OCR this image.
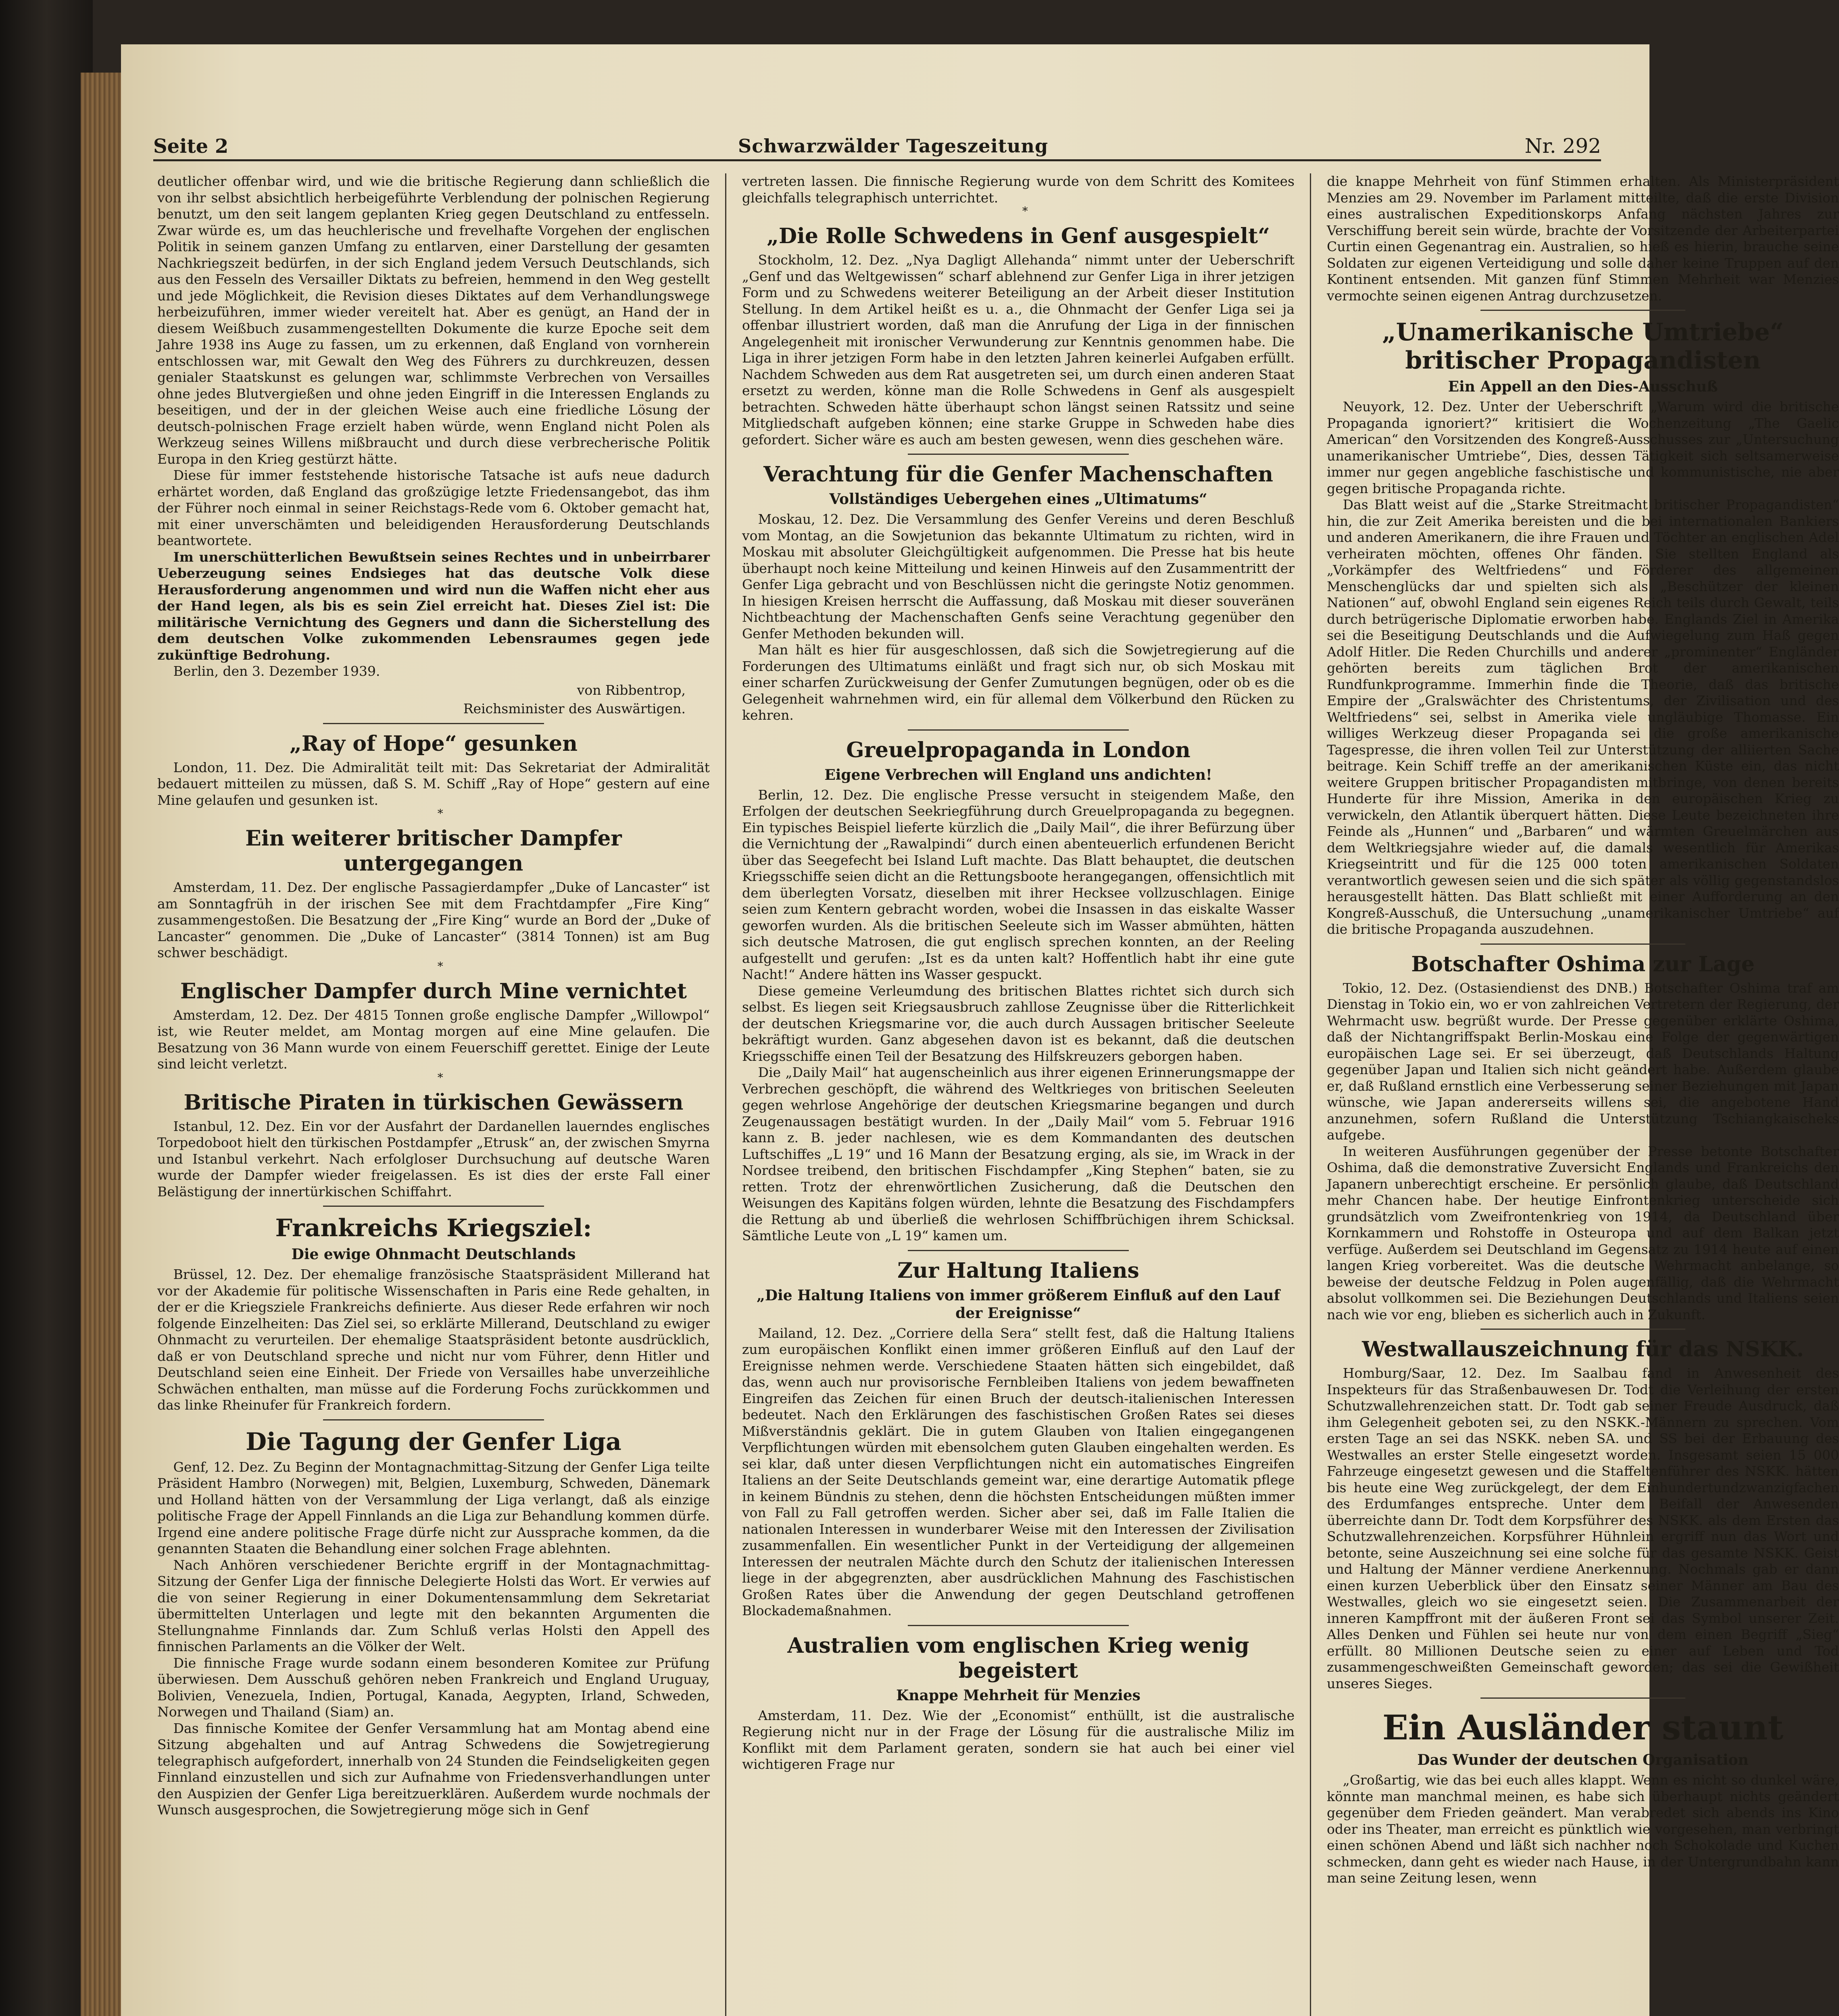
Seite 2	Schwarzwälder Tageszeitung	Nr. 292

deutlicher offenbar wird, und wie die britische Regierung dann schließlich die von ihr selbst absichtlich herbeigeführte Verblendung der polnischen Regierung benutzt, um den seit langem geplanten Krieg gegen Deutschland zu entfesseln. Zwar würde es, um das heuchlerische und frevelhafte Vorgehen der englischen Politik in seinem ganzen Umfang zu entlarven, einer Darstellung der gesamten Nachkriegszeit bedürfen, in der sich England jedem Versuch Deutschlands, sich aus den Fesseln des Versailler Diktats zu befreien, hemmend in den Weg gestellt und jede Möglichkeit, die Revision dieses Diktates auf dem Verhandlungswege herbeizuführen, immer wieder vereitelt hat. Aber es genügt, an Hand der in diesem Weißbuch zusammengestellten Dokumente die kurze Epoche seit dem Jahre 1938 ins Auge zu fassen, um zu erkennen, daß England von vornherein entschlossen war, mit Gewalt den Weg des Führers zu durchkreuzen, dessen genialer Staatskunst es gelungen war, schlimmste Verbrechen von Versailles ohne jedes Blutvergießen und ohne jeden Eingriff in die Interessen Englands zu beseitigen, und der in der gleichen Weise auch eine friedliche Lösung der deutsch-polnischen Frage erzielt haben würde, wenn England nicht Polen als Werkzeug seines Willens mißbraucht und durch diese verbrecherische Politik Europa in den Krieg gestürzt hätte.

Diese für immer feststehende historische Tatsache ist aufs neue dadurch erhärtet worden, daß England das großzügige letzte Friedensangebot, das ihm der Führer noch einmal in seiner Reichstags-Rede vom 6. Oktober gemacht hat, mit einer unverschämten und beleidigenden Herausforderung Deutschlands beantwortete.

Im unerschütterlichen Bewußtsein seines Rechtes und in unbeirrbarer Ueberzeugung seines Endsieges hat das deutsche Volk diese Herausforderung angenommen und wird nun die Waffen nicht eher aus der Hand legen, als bis es sein Ziel erreicht hat. Dieses Ziel ist: Die militärische Vernichtung des Gegners und dann die Sicherstellung des dem deutschen Volke zukommenden Lebensraumes gegen jede zukünftige Bedrohung.

Berlin, den 3. Dezember 1939.

von Ribbentrop,
Reichsminister des Auswärtigen.
„Ray of Hope“ gesunken

London, 11. Dez. Die Admiralität teilt mit: Das Sekretariat der Admiralität bedauert mitteilen zu müssen, daß S. M. Schiff „Ray of Hope“ gestern auf eine Mine gelaufen und gesunken ist.

*

Ein weiterer britischer Dampfer untergegangen

Amsterdam, 11. Dez. Der englische Passagierdampfer „Duke of Lancaster“ ist am Sonntagfrüh in der irischen See mit dem Frachtdampfer „Fire King“ zusammengestoßen. Die Besatzung der „Fire King“ wurde an Bord der „Duke of Lancaster“ genommen. Die „Duke of Lancaster“ (3814 Tonnen) ist am Bug schwer beschädigt.

*

Englischer Dampfer durch Mine vernichtet

Amsterdam, 12. Dez. Der 4815 Tonnen große englische Dampfer „Willowpol“ ist, wie Reuter meldet, am Montag morgen auf eine Mine gelaufen. Die Besatzung von 36 Mann wurde von einem Feuerschiff gerettet. Einige der Leute sind leicht verletzt.

*

Britische Piraten in türkischen Gewässern

Istanbul, 12. Dez. Ein vor der Ausfahrt der Dardanellen lauerndes englisches Torpedoboot hielt den türkischen Postdampfer „Etrusk“ an, der zwischen Smyrna und Istanbul verkehrt. Nach erfolgloser Durchsuchung auf deutsche Waren wurde der Dampfer wieder freigelassen. Es ist dies der erste Fall einer Belästigung der innertürkischen Schiffahrt.

Frankreichs Kriegsziel:
Die ewige Ohnmacht Deutschlands

Brüssel, 12. Dez. Der ehemalige französische Staatspräsident Millerand hat vor der Akademie für politische Wissenschaften in Paris eine Rede gehalten, in der er die Kriegsziele Frankreichs definierte. Aus dieser Rede erfahren wir noch folgende Einzelheiten: Das Ziel sei, so erklärte Millerand, Deutschland zu ewiger Ohnmacht zu verurteilen. Der ehemalige Staatspräsident betonte ausdrücklich, daß er von Deutschland spreche und nicht nur vom Führer, denn Hitler und Deutschland seien eine Einheit. Der Friede von Versailles habe unverzeihliche Schwächen enthalten, man müsse auf die Forderung Fochs zurückkommen und das linke Rheinufer für Frankreich fordern.

Die Tagung der Genfer Liga

Genf, 12. Dez. Zu Beginn der Montagnachmittag-Sitzung der Genfer Liga teilte Präsident Hambro (Norwegen) mit, Belgien, Luxemburg, Schweden, Dänemark und Holland hätten von der Versammlung der Liga verlangt, daß als einzige politische Frage der Appell Finnlands an die Liga zur Behandlung kommen dürfe. Irgend eine andere politische Frage dürfe nicht zur Aussprache kommen, da die genannten Staaten die Behandlung einer solchen Frage ablehnten.

Nach Anhören verschiedener Berichte ergriff in der Montagnachmittag-Sitzung der Genfer Liga der finnische Delegierte Holsti das Wort. Er verwies auf die von seiner Regierung in einer Dokumentensammlung dem Sekretariat übermittelten Unterlagen und legte mit den bekannten Argumenten die Stellungnahme Finnlands dar. Zum Schluß verlas Holsti den Appell des finnischen Parlaments an die Völker der Welt.

Die finnische Frage wurde sodann einem besonderen Komitee zur Prüfung überwiesen. Dem Ausschuß gehören neben Frankreich und England Uruguay, Bolivien, Venezuela, Indien, Portugal, Kanada, Aegypten, Irland, Schweden, Norwegen und Thailand (Siam) an.

Das finnische Komitee der Genfer Versammlung hat am Montag abend eine Sitzung abgehalten und auf Antrag Schwedens die Sowjetregierung telegraphisch aufgefordert, innerhalb von 24 Stunden die Feindseligkeiten gegen Finnland einzustellen und sich zur Aufnahme von Friedensverhandlungen unter den Auspizien der Genfer Liga bereitzuerklären. Außerdem wurde nochmals der Wunsch ausgesprochen, die Sowjetregierung möge sich in Genf

vertreten lassen. Die finnische Regierung wurde von dem Schritt des Komitees gleichfalls telegraphisch unterrichtet.

*

„Die Rolle Schwedens in Genf ausgespielt“

Stockholm, 12. Dez. „Nya Dagligt Allehanda“ nimmt unter der Ueberschrift „Genf und das Weltgewissen“ scharf ablehnend zur Genfer Liga in ihrer jetzigen Form und zu Schwedens weiterer Beteiligung an der Arbeit dieser Institution Stellung. In dem Artikel heißt es u. a., die Ohnmacht der Genfer Liga sei ja offenbar illustriert worden, daß man die Anrufung der Liga in der finnischen Angelegenheit mit ironischer Verwunderung zur Kenntnis genommen habe. Die Liga in ihrer jetzigen Form habe in den letzten Jahren keinerlei Aufgaben erfüllt. Nachdem Schweden aus dem Rat ausgetreten sei, um durch einen anderen Staat ersetzt zu werden, könne man die Rolle Schwedens in Genf als ausgespielt betrachten. Schweden hätte überhaupt schon längst seinen Ratssitz und seine Mitgliedschaft aufgeben können; eine starke Gruppe in Schweden habe dies gefordert. Sicher wäre es auch am besten gewesen, wenn dies geschehen wäre.

Verachtung für die Genfer Machenschaften
Vollständiges Uebergehen eines „Ultimatums“

Moskau, 12. Dez. Die Versammlung des Genfer Vereins und deren Beschluß vom Montag, an die Sowjetunion das bekannte Ultimatum zu richten, wird in Moskau mit absoluter Gleichgültigkeit aufgenommen. Die Presse hat bis heute überhaupt noch keine Mitteilung und keinen Hinweis auf den Zusammentritt der Genfer Liga gebracht und von Beschlüssen nicht die geringste Notiz genommen. In hiesigen Kreisen herrscht die Auffassung, daß Moskau mit dieser souveränen Nichtbeachtung der Machenschaften Genfs seine Verachtung gegenüber den Genfer Methoden bekunden will.

Man hält es hier für ausgeschlossen, daß sich die Sowjetregierung auf die Forderungen des Ultimatums einläßt und fragt sich nur, ob sich Moskau mit einer scharfen Zurückweisung der Genfer Zumutungen begnügen, oder ob es die Gelegenheit wahrnehmen wird, ein für allemal dem Völkerbund den Rücken zu kehren.

Greuelpropaganda in London
Eigene Verbrechen will England uns andichten!

Berlin, 12. Dez. Die englische Presse versucht in steigendem Maße, den Erfolgen der deutschen Seekriegführung durch Greuelpropaganda zu begegnen. Ein typisches Beispiel lieferte kürzlich die „Daily Mail“, die ihrer Befürzung über die Vernichtung der „Rawalpindi“ durch einen abenteuerlich erfundenen Bericht über das Seegefecht bei Island Luft machte. Das Blatt behauptet, die deutschen Kriegsschiffe seien dicht an die Rettungsboote herangegangen, offensichtlich mit dem überlegten Vorsatz, dieselben mit ihrer Hecksee vollzuschlagen. Einige seien zum Kentern gebracht worden, wobei die Insassen in das eiskalte Wasser geworfen wurden. Als die britischen Seeleute sich im Wasser abmühten, hätten sich deutsche Matrosen, die gut englisch sprechen konnten, an der Reeling aufgestellt und gerufen: „Ist es da unten kalt? Hoffentlich habt ihr eine gute Nacht!“ Andere hätten ins Wasser gespuckt.

Diese gemeine Verleumdung des britischen Blattes richtet sich durch sich selbst. Es liegen seit Kriegsausbruch zahllose Zeugnisse über die Ritterlichkeit der deutschen Kriegsmarine vor, die auch durch Aussagen britischer Seeleute bekräftigt wurden. Ganz abgesehen davon ist es bekannt, daß die deutschen Kriegsschiffe einen Teil der Besatzung des Hilfskreuzers geborgen haben.

Die „Daily Mail“ hat augenscheinlich aus ihrer eigenen Erinnerungsmappe der Verbrechen geschöpft, die während des Weltkrieges von britischen Seeleuten gegen wehrlose Angehörige der deutschen Kriegsmarine begangen und durch Zeugenaussagen bestätigt wurden. In der „Daily Mail“ vom 5. Februar 1916 kann z. B. jeder nachlesen, wie es dem Kommandanten des deutschen Luftschiffes „L 19“ und 16 Mann der Besatzung erging, als sie, im Wrack in der Nordsee treibend, den britischen Fischdampfer „King Stephen“ baten, sie zu retten. Trotz der ehrenwörtlichen Zusicherung, daß die Deutschen den Weisungen des Kapitäns folgen würden, lehnte die Besatzung des Fischdampfers die Rettung ab und überließ die wehrlosen Schiffbrüchigen ihrem Schicksal. Sämtliche Leute von „L 19“ kamen um.

Zur Haltung Italiens
„Die Haltung Italiens von immer größerem Einfluß auf den Lauf der Ereignisse“

Mailand, 12. Dez. „Corriere della Sera“ stellt fest, daß die Haltung Italiens zum europäischen Konflikt einen immer größeren Einfluß auf den Lauf der Ereignisse nehmen werde. Verschiedene Staaten hätten sich eingebildet, daß das, wenn auch nur provisorische Fernbleiben Italiens von jedem bewaffneten Eingreifen das Zeichen für einen Bruch der deutsch-italienischen Interessen bedeutet. Nach den Erklärungen des faschistischen Großen Rates sei dieses Mißverständnis geklärt. Die in gutem Glauben von Italien eingegangenen Verpflichtungen würden mit ebensolchem guten Glauben eingehalten werden. Es sei klar, daß unter diesen Verpflichtungen nicht ein automatisches Eingreifen Italiens an der Seite Deutschlands gemeint war, eine derartige Automatik pflege in keinem Bündnis zu stehen, denn die höchsten Entscheidungen müßten immer von Fall zu Fall getroffen werden. Sicher aber sei, daß im Falle Italien die nationalen Interessen in wunderbarer Weise mit den Interessen der Zivilisation zusammenfallen. Ein wesentlicher Punkt in der Verteidigung der allgemeinen Interessen der neutralen Mächte durch den Schutz der italienischen Interessen liege in der abgegrenzten, aber ausdrücklichen Mahnung des Faschistischen Großen Rates über die Anwendung der gegen Deutschland getroffenen Blockademaßnahmen.

Australien vom englischen Krieg wenig begeistert
Knappe Mehrheit für Menzies

Amsterdam, 11. Dez. Wie der „Economist“ enthüllt, ist die australische Regierung nicht nur in der Frage der Lösung für die australische Miliz im Konflikt mit dem Parlament geraten, sondern sie hat auch bei einer viel wichtigeren Frage nur

die knappe Mehrheit von fünf Stimmen erhalten. Als Ministerpräsident Menzies am 29. November im Parlament mitteilte, daß die erste Division eines australischen Expeditionskorps Anfang nächsten Jahres zur Verschiffung bereit sein würde, brachte der Vorsitzende der Arbeiterpartei Curtin einen Gegenantrag ein. Australien, so hieß es hierin, brauche seine Soldaten zur eigenen Verteidigung und solle daher keine Truppen auf den Kontinent entsenden. Mit ganzen fünf Stimmen Mehrheit war Menzies vermochte seinen eigenen Antrag durchzusetzen.

„Unamerikanische Umtriebe“ britischer Propagandisten
Ein Appell an den Dies-Ausschuß

Neuyork, 12. Dez. Unter der Ueberschrift „Warum wird die britische Propaganda ignoriert?“ kritisiert die Wochenzeitung „The Gaelic American“ den Vorsitzenden des Kongreß-Ausschusses zur „Untersuchung unamerikanischer Umtriebe“, Dies, dessen Tätigkeit sich seltsamerweise immer nur gegen angebliche faschistische und kommunistische, nie aber gegen britische Propaganda richte.

Das Blatt weist auf die „Starke Streitmacht britischer Propagandisten“ hin, die zur Zeit Amerika bereisten und die bei internationalen Bankiers und anderen Amerikanern, die ihre Frauen und Töchter an englischen Adel verheiraten möchten, offenes Ohr fänden. Sie stellten England als „Vorkämpfer des Weltfriedens“ und Förderer des allgemeinen Menschenglücks dar und spielten sich als „Beschützer der kleinen Nationen“ auf, obwohl England sein eigenes Reich teils durch Gewalt, teils durch betrügerische Diplomatie erworben habe. Englands Ziel in Amerika sei die Beseitigung Deutschlands und die Aufwiegelung zum Haß gegen Adolf Hitler. Die Reden Churchills und anderer „prominenter“ Engländer gehörten bereits zum täglichen Brot der amerikanischen Rundfunkprogramme. Immerhin finde die Theorie, daß das britische Empire der „Gralswächter des Christentums, der Zivilisation und des Weltfriedens“ sei, selbst in Amerika viele ungläubige Thomasse. Ein williges Werkzeug dieser Propaganda sei die große amerikanische Tagespresse, die ihren vollen Teil zur Unterstützung der alliierten Sache beitrage. Kein Schiff treffe an der amerikanischen Küste ein, das nicht weitere Gruppen britischer Propagandisten mitbringe, von denen bereits Hunderte für ihre Mission, Amerika in den europäischen Krieg zu verwickeln, den Atlantik überquert hätten. Diese Leute bezeichneten ihre Feinde als „Hunnen“ und „Barbaren“ und wärmten Greuelmärchen aus dem Weltkriegsjahre wieder auf, die damals wesentlich für Amerikas Kriegseintritt und für die 125 000 toten amerikanischen Soldaten verantwortlich gewesen seien und die sich später als völlig gegenstandslos herausgestellt hätten. Das Blatt schließt mit einer Aufforderung an den Kongreß-Ausschuß, die Untersuchung „unamerikanischer Umtriebe“ auf die britische Propaganda auszudehnen.

Botschafter Oshima zur Lage

Tokio, 12. Dez. (Ostasiendienst des DNB.) Botschafter Oshima traf am Dienstag in Tokio ein, wo er von zahlreichen Vertretern der Regierung, der Wehrmacht usw. begrüßt wurde. Der Presse gegenüber erklärte Oshima, daß der Nichtangriffspakt Berlin-Moskau eine Folge der gegenwärtigen europäischen Lage sei. Er sei überzeugt, daß Deutschlands Haltung gegenüber Japan und Italien sich nicht geändert habe. Außerdem glaube er, daß Rußland ernstlich eine Verbesserung seiner Beziehungen mit Japan wünsche, wie Japan andererseits willens sei, die angebotene Hand anzunehmen, sofern Rußland die Unterstützung Tschiangkaischeks aufgebe.

In weiteren Ausführungen gegenüber der Presse betonte Botschafter Oshima, daß die demonstrative Zuversicht Englands und Frankreichs den Japanern unberechtigt erscheine. Er persönlich glaube, daß Deutschland mehr Chancen habe. Der heutige Einfrontenkrieg unterscheide sich grundsätzlich vom Zweifrontenkrieg von 1914, da Deutschland über Kornkammern und Rohstoffe in Osteuropa und auf dem Balkan jetzt verfüge. Außerdem sei Deutschland im Gegensatz zu 1914 heute auf einen langen Krieg vorbereitet. Was die deutsche Wehrmacht anbelange, so beweise der deutsche Feldzug in Polen augenfällig, daß die Wehrmacht absolut vollkommen sei. Die Beziehungen Deutschlands und Italiens seien nach wie vor eng, blieben es sicherlich auch in Zukunft.

Westwallauszeichnung für das NSKK.

Homburg/Saar, 12. Dez. Im Saalbau fand in Anwesenheit des Inspekteurs für das Straßenbauwesen Dr. Todt die Verleihung der ersten Schutzwallehrenzeichen statt. Dr. Todt gab seiner Freude Ausdruck, daß ihm Gelegenheit geboten sei, zu den NSKK.-Männern zu sprechen. Vom ersten Tage an sei das NSKK. neben SA. und SS bei der Erbauung des Westwalles an erster Stelle eingesetzt worden. Insgesamt seien 15 000 Fahrzeuge eingesetzt gewesen und die Staffeltenführer des NSKK. hätten bis heute eine Weg zurückgelegt, der dem Einhundertundzwanzigfachen des Erdumfanges entspreche. Unter dem Beifall der Anwesenden überreichte dann Dr. Todt dem Korpsführer des NSKK. als dem Ersten das Schutzwallehrenzeichen. Korpsführer Hühnlein ergriff nun das Wort und betonte, seine Auszeichnung sei eine solche für das gesamte NSKK. Geist und Haltung der Männer verdiene Anerkennung. Nochmals gab er dann einen kurzen Ueberblick über den Einsatz seiner Männer am Bau des Westwalles, gleich wo sie eingesetzt seien. Die Zusammenarbeit der inneren Kampffront mit der äußeren Front sei das Symbol unserer Zeit. Alles Denken und Fühlen sei heute nur von dem einen Begriff „Sieg“ erfüllt. 80 Millionen Deutsche seien zu einer auf Leben und Tod zusammengeschweißten Gemeinschaft geworden; das sei die Gewißheit unseres Sieges.

Ein Ausländer staunt
Das Wunder der deutschen Organisation

„Großartig, wie das bei euch alles klappt. Wenn es nicht so dunkel wäre, könnte man manchmal meinen, es habe sich überhaupt nichts geändert gegenüber dem Frieden geändert. Man verabredet sich abends ins Kino oder ins Theater, man erreicht es pünktlich wie vorgesehen, man verbringt einen schönen Abend und läßt sich nachher noch Schokolade und Kuchen schmecken, dann geht es wieder nach Hause, in der Untergrundbahn kann man seine Zeitung lesen, wenn
